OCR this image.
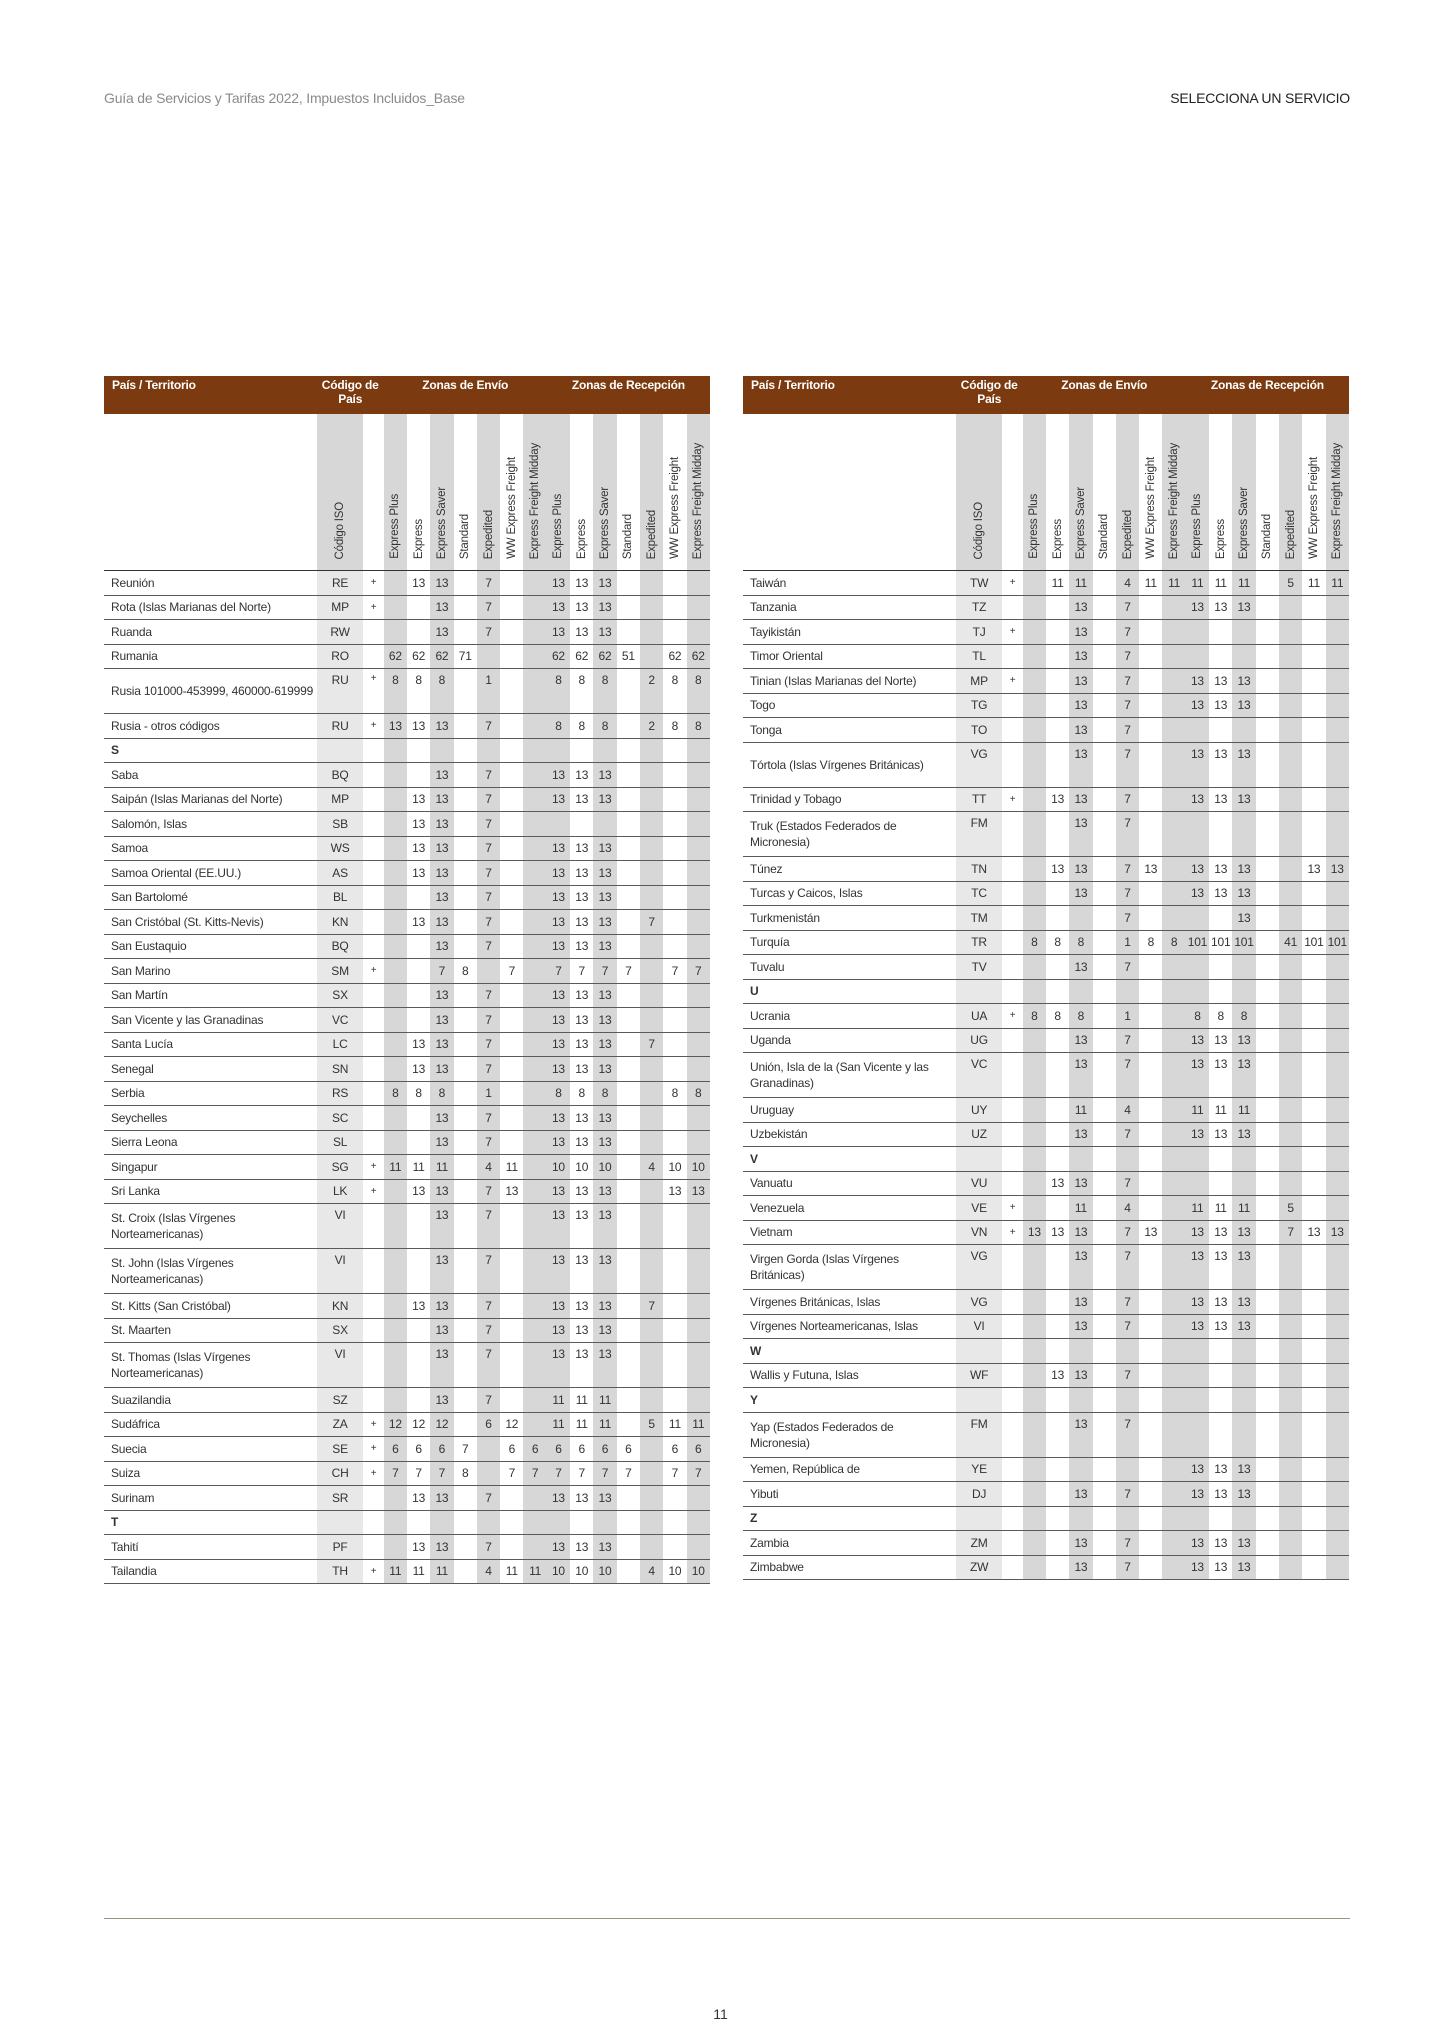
Guía de Servicios y Tarifas 2022, Impuestos Incluidos_Base	SELECCIONA UN SERVICIO
País / Territorio	Código de País		Zonas de Envío							Zonas de Recepción						
	Código ISO		Express Plus	Express	Express Saver	Standard	Expedited	WW Express Freight	Express Freight Midday	Express Plus	Express	Express Saver	Standard	Expedited	WW Express Freight	Express Freight Midday
Reunión	RE	+		13	13		7			13	13	13				
Rota (Islas Marianas del Norte)	MP	+			13		7			13	13	13				
Ruanda	RW				13		7			13	13	13				
Rumania	RO		62	62	62	71				62	62	62	51		62	62
Rusia 101000-453999, 460000-619999	RU	+	8	8	8		1			8	8	8		2	8	8
Rusia - otros códigos	RU	+	13	13	13		7			8	8	8		2	8	8
S																
Saba	BQ				13		7			13	13	13				
Saipán (Islas Marianas del Norte)	MP			13	13		7			13	13	13				
Salomón, Islas	SB			13	13		7									
Samoa	WS			13	13		7			13	13	13				
Samoa Oriental (EE.UU.)	AS			13	13		7			13	13	13				
San Bartolomé	BL				13		7			13	13	13				
San Cristóbal (St. Kitts-Nevis)	KN			13	13		7			13	13	13		7		
San Eustaquio	BQ				13		7			13	13	13				
San Marino	SM	+			7	8		7		7	7	7	7		7	7
San Martín	SX				13		7			13	13	13				
San Vicente y las Granadinas	VC				13		7			13	13	13				
Santa Lucía	LC			13	13		7			13	13	13		7		
Senegal	SN			13	13		7			13	13	13				
Serbia	RS		8	8	8		1			8	8	8			8	8
Seychelles	SC				13		7			13	13	13				
Sierra Leona	SL				13		7			13	13	13				
Singapur	SG	+	11	11	11		4	11		10	10	10		4	10	10
Sri Lanka	LK	+		13	13		7	13		13	13	13			13	13
St. Croix (Islas Vírgenes Norteamericanas)	VI				13		7			13	13	13				
St. John (Islas Vírgenes Norteamericanas)	VI				13		7			13	13	13				
St. Kitts (San Cristóbal)	KN			13	13		7			13	13	13		7		
St. Maarten	SX				13		7			13	13	13				
St. Thomas (Islas Vírgenes Norteamericanas)	VI				13		7			13	13	13				
Suazilandia	SZ				13		7			11	11	11				
Sudáfrica	ZA	+	12	12	12		6	12		11	11	11		5	11	11
Suecia	SE	+	6	6	6	7		6	6	6	6	6	6		6	6
Suiza	CH	+	7	7	7	8		7	7	7	7	7	7		7	7
Surinam	SR			13	13		7			13	13	13				
T																
Tahití	PF			13	13		7			13	13	13				
Tailandia	TH	+	11	11	11		4	11	11	10	10	10		4	10	10
País / Territorio	Código de País		Zonas de Envío							Zonas de Recepción						
	Código ISO		Express Plus	Express	Express Saver	Standard	Expedited	WW Express Freight	Express Freight Midday	Express Plus	Express	Express Saver	Standard	Expedited	WW Express Freight	Express Freight Midday
Taiwán	TW	+		11	11		4	11	11	11	11	11		5	11	11
Tanzania	TZ				13		7			13	13	13				
Tayikistán	TJ	+			13		7									
Timor Oriental	TL				13		7									
Tinian (Islas Marianas del Norte)	MP	+			13		7			13	13	13				
Togo	TG				13		7			13	13	13				
Tonga	TO				13		7									
Tórtola (Islas Vírgenes Británicas)	VG				13		7			13	13	13				
Trinidad y Tobago	TT	+		13	13		7			13	13	13				
Truk (Estados Federados de Micronesia)	FM				13		7									
Túnez	TN			13	13		7	13		13	13	13			13	13
Turcas y Caicos, Islas	TC				13		7			13	13	13				
Turkmenistán	TM						7					13				
Turquía	TR		8	8	8		1	8	8	101	101	101		41	101	101
Tuvalu	TV				13		7									
U																
Ucrania	UA	+	8	8	8		1			8	8	8				
Uganda	UG				13		7			13	13	13				
Unión, Isla de la (San Vicente y las Granadinas)	VC				13		7			13	13	13				
Uruguay	UY				11		4			11	11	11				
Uzbekistán	UZ				13		7			13	13	13				
V																
Vanuatu	VU			13	13		7									
Venezuela	VE	+			11		4			11	11	11		5		
Vietnam	VN	+	13	13	13		7	13		13	13	13		7	13	13
Virgen Gorda (Islas Vírgenes Británicas)	VG				13		7			13	13	13				
Vírgenes Británicas, Islas	VG				13		7			13	13	13				
Vírgenes Norteamericanas, Islas	VI				13		7			13	13	13				
W																
Wallis y Futuna, Islas	WF			13	13		7									
Y																
Yap (Estados Federados de Micronesia)	FM				13		7									
Yemen, República de	YE									13	13	13				
Yibuti	DJ				13		7			13	13	13				
Z																
Zambia	ZM				13		7			13	13	13				
Zimbabwe	ZW				13		7			13	13	13				
11
